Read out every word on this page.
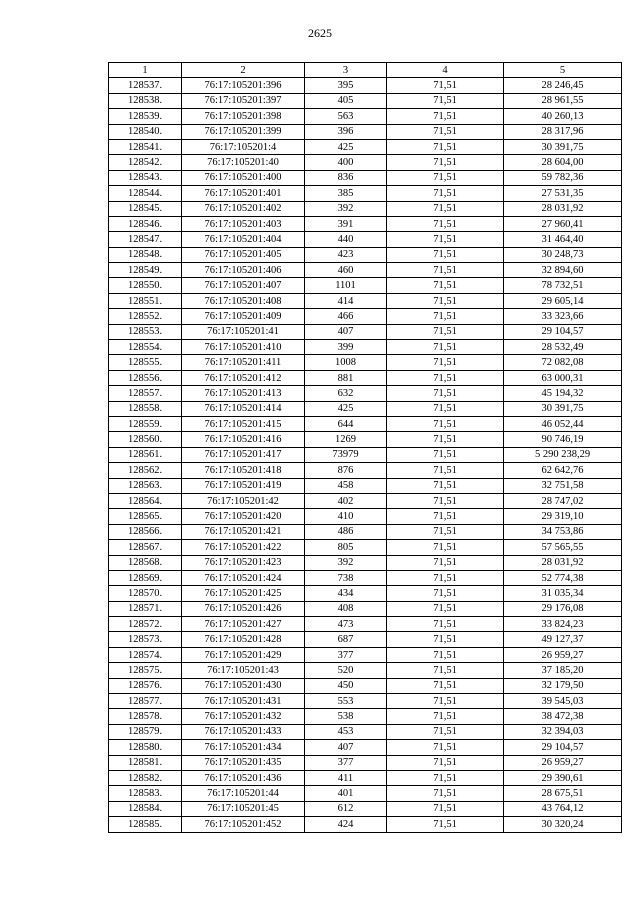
2625
1	2	3	4	5
128537.	76:17:105201:396	395	71,51	28 246,45
128538.	76:17:105201:397	405	71,51	28 961,55
128539.	76:17:105201:398	563	71,51	40 260,13
128540.	76:17:105201:399	396	71,51	28 317,96
128541.	76:17:105201:4	425	71,51	30 391,75
128542.	76:17:105201:40	400	71,51	28 604,00
128543.	76:17:105201:400	836	71,51	59 782,36
128544.	76:17:105201:401	385	71,51	27 531,35
128545.	76:17:105201:402	392	71,51	28 031,92
128546.	76:17:105201:403	391	71,51	27 960,41
128547.	76:17:105201:404	440	71,51	31 464,40
128548.	76:17:105201:405	423	71,51	30 248,73
128549.	76:17:105201:406	460	71,51	32 894,60
128550.	76:17:105201:407	1101	71,51	78 732,51
128551.	76:17:105201:408	414	71,51	29 605,14
128552.	76:17:105201:409	466	71,51	33 323,66
128553.	76:17:105201:41	407	71,51	29 104,57
128554.	76:17:105201:410	399	71,51	28 532,49
128555.	76:17:105201:411	1008	71,51	72 082,08
128556.	76:17:105201:412	881	71,51	63 000,31
128557.	76:17:105201:413	632	71,51	45 194,32
128558.	76:17:105201:414	425	71,51	30 391,75
128559.	76:17:105201:415	644	71,51	46 052,44
128560.	76:17:105201:416	1269	71,51	90 746,19
128561.	76:17:105201:417	73979	71,51	5 290 238,29
128562.	76:17:105201:418	876	71,51	62 642,76
128563.	76:17:105201:419	458	71,51	32 751,58
128564.	76:17:105201:42	402	71,51	28 747,02
128565.	76:17:105201:420	410	71,51	29 319,10
128566.	76:17:105201:421	486	71,51	34 753,86
128567.	76:17:105201:422	805	71,51	57 565,55
128568.	76:17:105201:423	392	71,51	28 031,92
128569.	76:17:105201:424	738	71,51	52 774,38
128570.	76:17:105201:425	434	71,51	31 035,34
128571.	76:17:105201:426	408	71,51	29 176,08
128572.	76:17:105201:427	473	71,51	33 824,23
128573.	76:17:105201:428	687	71,51	49 127,37
128574.	76:17:105201:429	377	71,51	26 959,27
128575.	76:17:105201:43	520	71,51	37 185,20
128576.	76:17:105201:430	450	71,51	32 179,50
128577.	76:17:105201:431	553	71,51	39 545,03
128578.	76:17:105201:432	538	71,51	38 472,38
128579.	76:17:105201:433	453	71,51	32 394,03
128580.	76:17:105201:434	407	71,51	29 104,57
128581.	76:17:105201:435	377	71,51	26 959,27
128582.	76:17:105201:436	411	71,51	29 390,61
128583.	76:17:105201:44	401	71,51	28 675,51
128584.	76:17:105201:45	612	71,51	43 764,12
128585.	76:17:105201:452	424	71,51	30 320,24
